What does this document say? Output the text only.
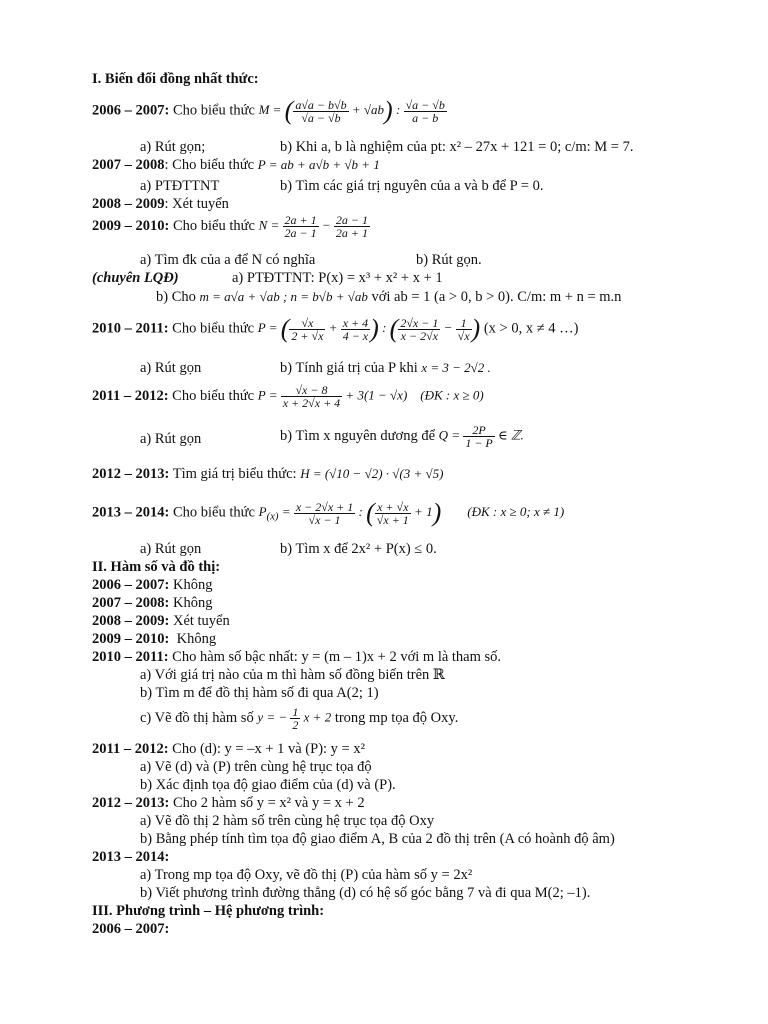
I. Biến đổi đồng nhất thức:
2006 – 2007: Cho biểu thức M = ( $\frac{a√a - b√b}{√a - √b} + √ab$) : $\frac{√a - √b}{a - b}$
a) Rút gọn;	b) Khi a, b là nghiệm của pt: x² – 27x + 121 = 0; c/m: M = 7.
2007 – 2008: Cho biểu thức P = ab + a√b + √b + 1
a) PTĐTTNT	b) Tìm các giá trị nguyên của a và b để P = 0.
2008 – 2009: Xét tuyển
2009 – 2010: Cho biểu thức $N = \frac{2a + 1}{2a - 1} - \frac{2a - 1}{2a + 1}$
a) Tìm đk của a để N có nghĩa	b) Rút gọn.
(chuyên LQĐ)	a) PTĐTTNT: P(x) = x³ + x² + x + 1
b) Cho m = a√a + √ab ; n = b√b + √ab với ab = 1 (a > 0, b > 0). C/m: m + n = m.n
2010 – 2011: Cho biểu thức P = ( $\frac{√x}{2 + √x} + \frac{x + 4}{4 - x}$ ) : ( $\frac{2√x - 1}{x - 2√x} - \frac{1}{√x}$ ) (x > 0, x ≠ 4 …)
a) Rút gọn	b) Tính giá trị của P khi x = 3 − 2√2 .
2011 – 2012: Cho biểu thức $P = \frac{√x - 8}{x + 2√x + 4} + 3(1 - √x)$    (ĐK : x ≥ 0)
a) Rút gọn	b) Tìm x nguyên dương để $Q = \frac{2P}{1 - P}$ ∈ ℤ.
2012 – 2013: Tìm giá trị biểu thức: H = (√10 − √2) · √(3 + √5)
2013 – 2014: Cho biểu thức $P_{(x)} = \frac{x - 2√x + 1}{√x - 1}$ : ( $\frac{x + √x}{√x + 1} + 1$)        (ĐK : x ≥ 0; x ≠ 1)
a) Rút gọn	b) Tìm x để 2x² + P(x) ≤ 0.
II. Hàm số và đồ thị:
2006 – 2007: Không
2007 – 2008: Không
2008 – 2009: Xét tuyển
2009 – 2010: Không
2010 – 2011: Cho hàm số bậc nhất: y = (m – 1)x + 2 với m là tham số.
a) Với giá trị nào của m thì hàm số đồng biến trên ℝ
b) Tìm m để đồ thị hàm số đi qua A(2; 1)
c) Vẽ đồ thị hàm số y = − $\frac{1}{2}$ x + 2 trong mp tọa độ Oxy.
2011 – 2012: Cho (d): y = –x + 1 và (P): y = x²
a) Vẽ (d) và (P) trên cùng hệ trục tọa độ
b) Xác định tọa độ giao điểm của (d) và (P).
2012 – 2013: Cho 2 hàm số y = x² và y = x + 2
a) Vẽ đồ thị 2 hàm số trên cùng hệ trục tọa độ Oxy
b) Bằng phép tính tìm tọa độ giao điểm A, B của 2 đồ thị trên (A có hoành độ âm)
2013 – 2014:
a) Trong mp tọa độ Oxy, vẽ đồ thị (P) của hàm số y = 2x²
b) Viết phương trình đường thẳng (d) có hệ số góc bằng 7 và đi qua M(2; –1).
III. Phương trình – Hệ phương trình:
2006 – 2007:
